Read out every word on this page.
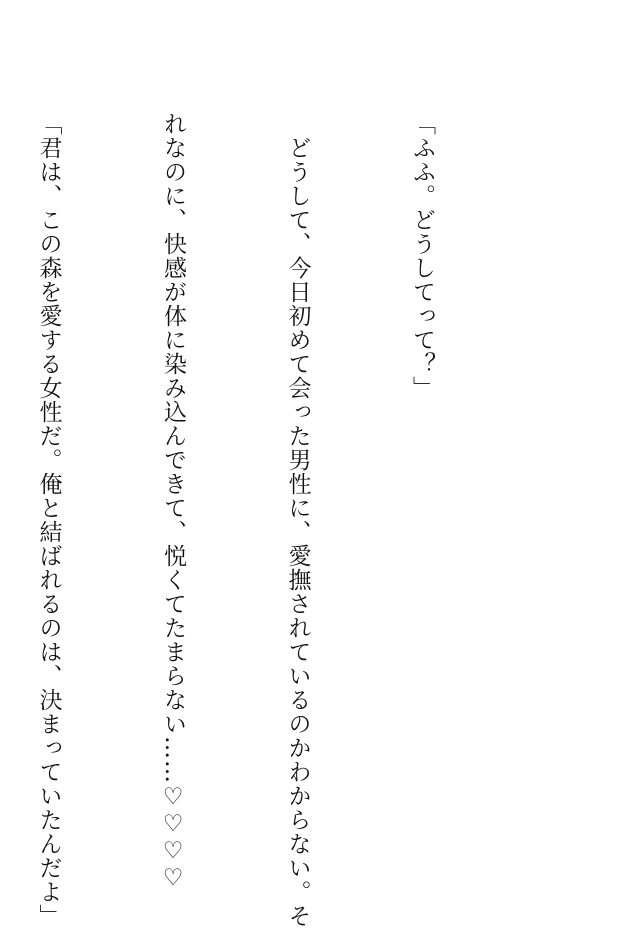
「ふふ。どうしてって？」

　どうして、今日初めて会った男性に、愛撫されているのかわからない。そ

れなのに、快感が体に染み込んできて、悦くてたまらない……♡♡♡♡

「君は、この森を愛する女性だ。俺と結ばれるのは、決まっていたんだよ」
